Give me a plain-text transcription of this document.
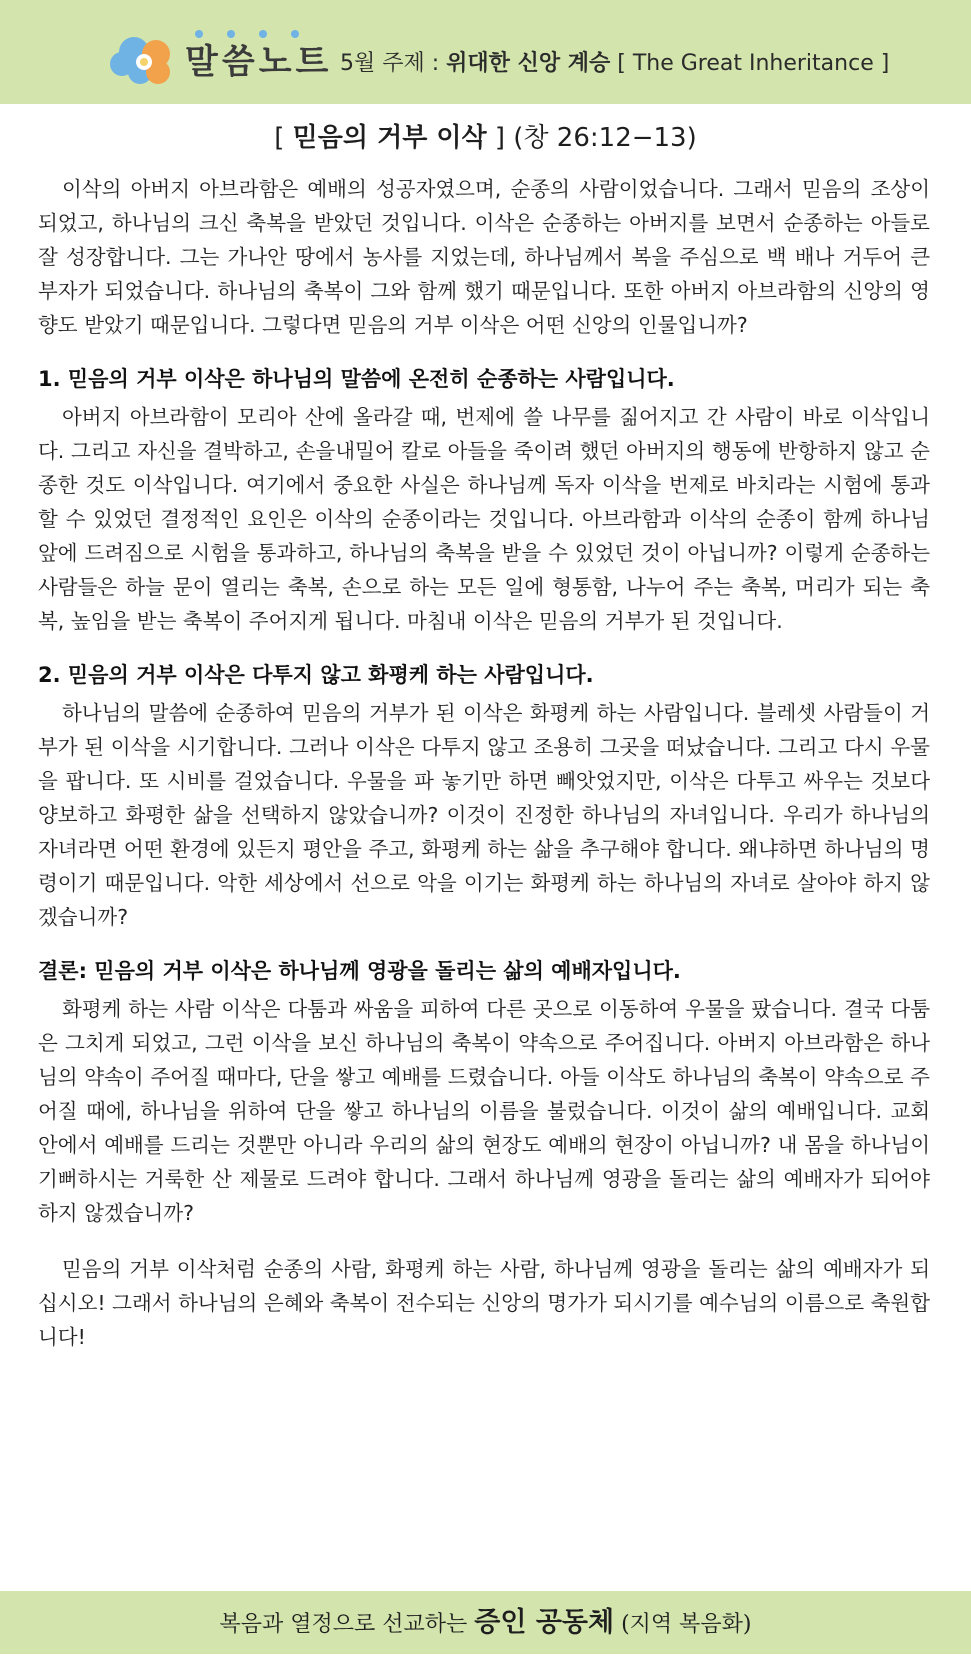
말씀노트 5월 주제 : 위대한 신앙 계승 [ The Great Inheritance ]
[ 믿음의 거부 이삭 ] (창 26:12−13)

이삭의 아버지 아브라함은 예배의 성공자였으며, 순종의 사람이었습니다. 그래서 믿음의 조상이 되었고, 하나님의 크신 축복을 받았던 것입니다. 이삭은 순종하는 아버지를 보면서 순종하는 아들로 잘 성장합니다. 그는 가나안 땅에서 농사를 지었는데, 하나님께서 복을 주심으로 백 배나 거두어 큰 부자가 되었습니다. 하나님의 축복이 그와 함께 했기 때문입니다. 또한 아버지 아브라함의 신앙의 영향도 받았기 때문입니다. 그렇다면 믿음의 거부 이삭은 어떤 신앙의 인물입니까?

1. 믿음의 거부 이삭은 하나님의 말씀에 온전히 순종하는 사람입니다.

아버지 아브라함이 모리아 산에 올라갈 때, 번제에 쓸 나무를 짊어지고 간 사람이 바로 이삭입니다. 그리고 자신을 결박하고, 손을내밀어 칼로 아들을 죽이려 했던 아버지의 행동에 반항하지 않고 순종한 것도 이삭입니다. 여기에서 중요한 사실은 하나님께 독자 이삭을 번제로 바치라는 시험에 통과할 수 있었던 결정적인 요인은 이삭의 순종이라는 것입니다. 아브라함과 이삭의 순종이 함께 하나님 앞에 드려짐으로 시험을 통과하고, 하나님의 축복을 받을 수 있었던 것이 아닙니까? 이렇게 순종하는 사람들은 하늘 문이 열리는 축복, 손으로 하는 모든 일에 형통함, 나누어 주는 축복, 머리가 되는 축복, 높임을 받는 축복이 주어지게 됩니다. 마침내 이삭은 믿음의 거부가 된 것입니다.

2. 믿음의 거부 이삭은 다투지 않고 화평케 하는 사람입니다.

하나님의 말씀에 순종하여 믿음의 거부가 된 이삭은 화평케 하는 사람입니다. 블레셋 사람들이 거부가 된 이삭을 시기합니다. 그러나 이삭은 다투지 않고 조용히 그곳을 떠났습니다. 그리고 다시 우물을 팝니다. 또 시비를 걸었습니다. 우물을 파 놓기만 하면 빼앗었지만, 이삭은 다투고 싸우는 것보다 양보하고 화평한 삶을 선택하지 않았습니까? 이것이 진정한 하나님의 자녀입니다. 우리가 하나님의 자녀라면 어떤 환경에 있든지 평안을 주고, 화평케 하는 삶을 추구해야 합니다. 왜냐하면 하나님의 명령이기 때문입니다. 악한 세상에서 선으로 악을 이기는 화평케 하는 하나님의 자녀로 살아야 하지 않겠습니까?

결론: 믿음의 거부 이삭은 하나님께 영광을 돌리는 삶의 예배자입니다.

화평케 하는 사람 이삭은 다툼과 싸움을 피하여 다른 곳으로 이동하여 우물을 팠습니다. 결국 다툼은 그치게 되었고, 그런 이삭을 보신 하나님의 축복이 약속으로 주어집니다. 아버지 아브라함은 하나님의 약속이 주어질 때마다, 단을 쌓고 예배를 드렸습니다. 아들 이삭도 하나님의 축복이 약속으로 주어질 때에, 하나님을 위하여 단을 쌓고 하나님의 이름을 불렀습니다. 이것이 삶의 예배입니다. 교회 안에서 예배를 드리는 것뿐만 아니라 우리의 삶의 현장도 예배의 현장이 아닙니까? 내 몸을 하나님이 기뻐하시는 거룩한 산 제물로 드려야 합니다. 그래서 하나님께 영광을 돌리는 삶의 예배자가 되어야 하지 않겠습니까?

믿음의 거부 이삭처럼 순종의 사람, 화평케 하는 사람, 하나님께 영광을 돌리는 삶의 예배자가 되십시오! 그래서 하나님의 은혜와 축복이 전수되는 신앙의 명가가 되시기를 예수님의 이름으로 축원합니다!

복음과 열정으로 선교하는 증인 공동체 (지역 복음화)
